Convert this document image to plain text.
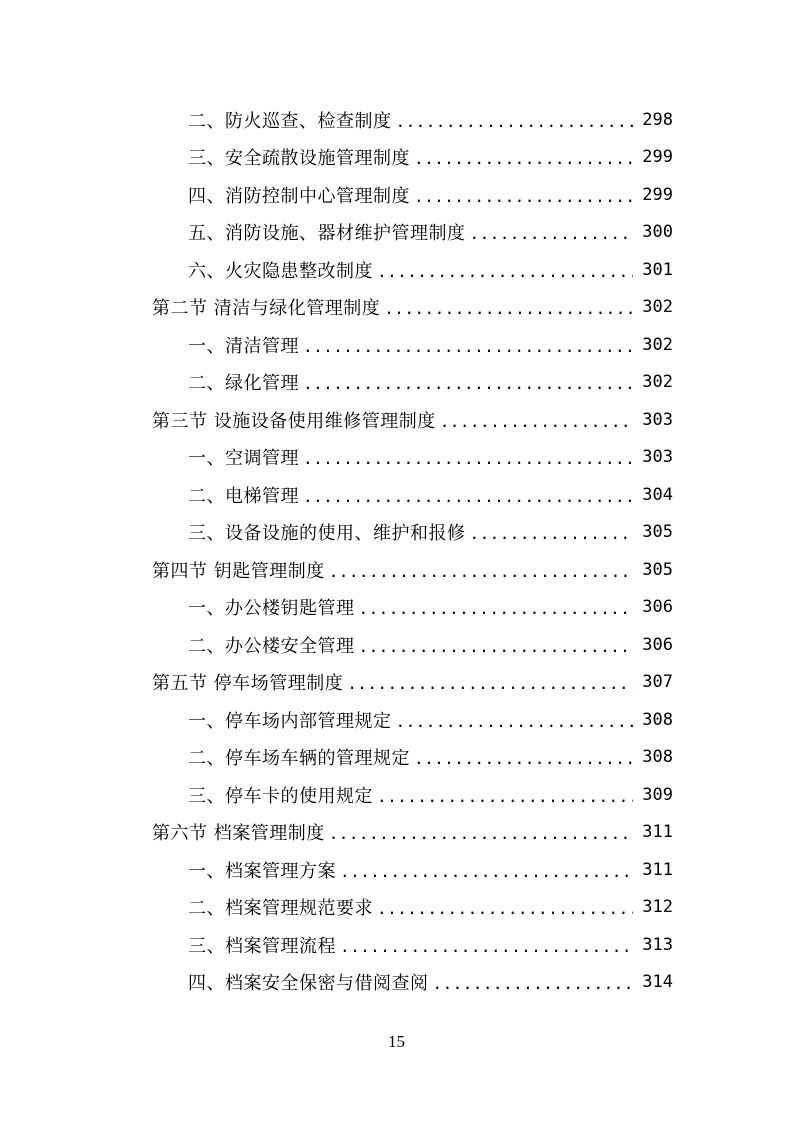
二、防火巡查、检查制度 . . .	298
三、安全疏散设施管理制度 . . .	299
四、消防控制中心管理制度 . . .	299
五、消防设施、器材维护管理制度 . . .	300
六、火灾隐患整改制度 . . .	301
第二节 清洁与绿化管理制度 . . .	302
一、清洁管理 . . .	302
二、绿化管理 . . .	302
第三节 设施设备使用维修管理制度 . . .	303
一、空调管理 . . .	303
二、电梯管理 . . .	304
三、设备设施的使用、维护和报修 . . .	305
第四节 钥匙管理制度 . . .	305
一、办公楼钥匙管理 . . .	306
二、办公楼安全管理 . . .	306
第五节 停车场管理制度 . . .	307
一、停车场内部管理规定 . . .	308
二、停车场车辆的管理规定 . . .	308
三、停车卡的使用规定 . . .	309
第六节 档案管理制度 . . .	311
一、档案管理方案 . . .	311
二、档案管理规范要求 . . .	312
三、档案管理流程 . . .	313
四、档案安全保密与借阅查阅 . . .	314
15
